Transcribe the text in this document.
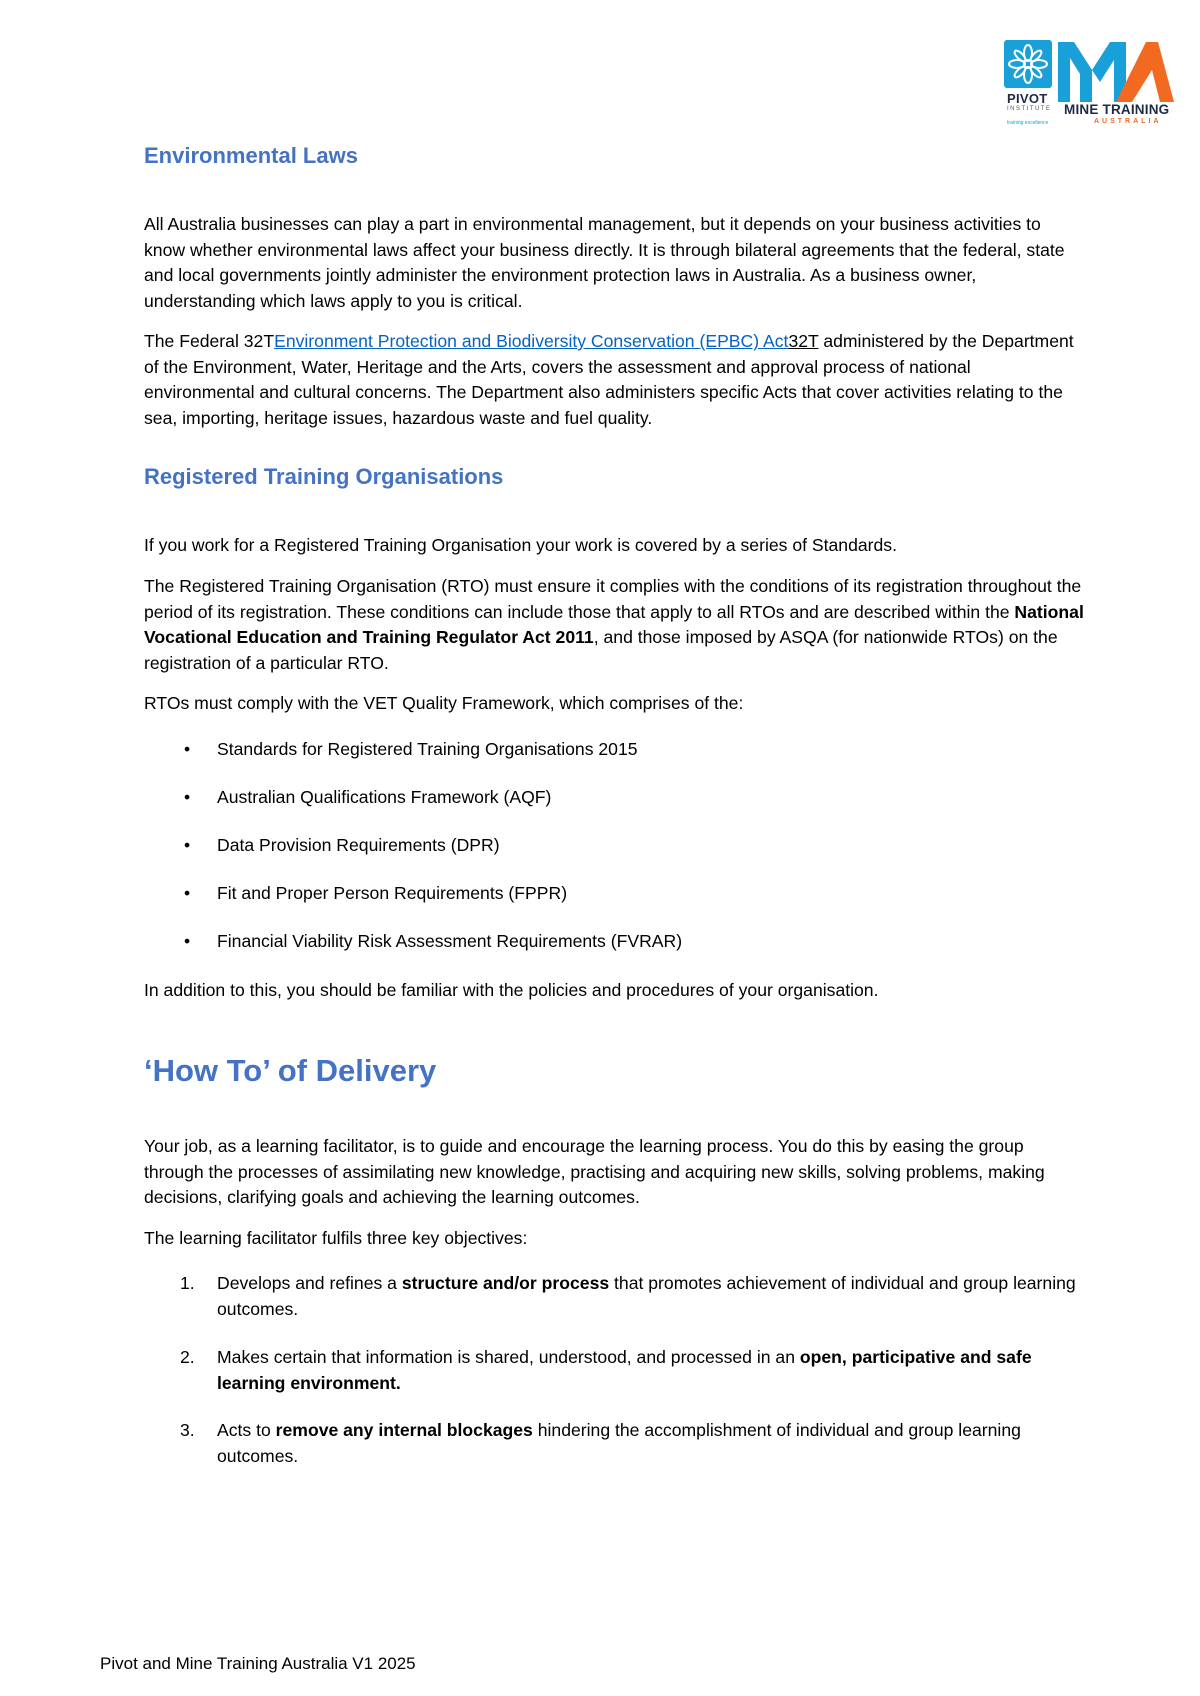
PIVOT
INSTITUTE
training excellence
MINE TRAINING
AUSTRALIA
Environmental Laws

All Australia businesses can play a part in environmental management, but it depends on your business activities to know whether environmental laws affect your business directly. It is through bilateral agreements that the federal, state and local governments jointly administer the environment protection laws in Australia. As a business owner, understanding which laws apply to you is critical.

The Federal 32TEnvironment Protection and Biodiversity Conservation (EPBC) Act32T administered by the Department of the Environment, Water, Heritage and the Arts, covers the assessment and approval process of national environmental and cultural concerns. The Department also administers specific Acts that cover activities relating to the sea, importing, heritage issues, hazardous waste and fuel quality.

Registered Training Organisations

If you work for a Registered Training Organisation your work is covered by a series of Standards.

The Registered Training Organisation (RTO) must ensure it complies with the conditions of its registration throughout the period of its registration. These conditions can include those that apply to all RTOs and are described within the National Vocational Education and Training Regulator Act 2011, and those imposed by ASQA (for nationwide RTOs) on the registration of a particular RTO.

RTOs must comply with the VET Quality Framework, which comprises of the:

• Standards for Registered Training Organisations 2015
• Australian Qualifications Framework (AQF)
• Data Provision Requirements (DPR)
• Fit and Proper Person Requirements (FPPR)
• Financial Viability Risk Assessment Requirements (FVRAR)

In addition to this, you should be familiar with the policies and procedures of your organisation.

‘How To’ of Delivery

Your job, as a learning facilitator, is to guide and encourage the learning process. You do this by easing the group through the processes of assimilating new knowledge, practising and acquiring new skills, solving problems, making decisions, clarifying goals and achieving the learning outcomes.

The learning facilitator fulfils three key objectives:

1. Develops and refines a structure and/or process that promotes achievement of individual and group learning outcomes.
2. Makes certain that information is shared, understood, and processed in an open, participative and safe learning environment.
3. Acts to remove any internal blockages hindering the accomplishment of individual and group learning outcomes.
Pivot and Mine Training Australia V1 2025
